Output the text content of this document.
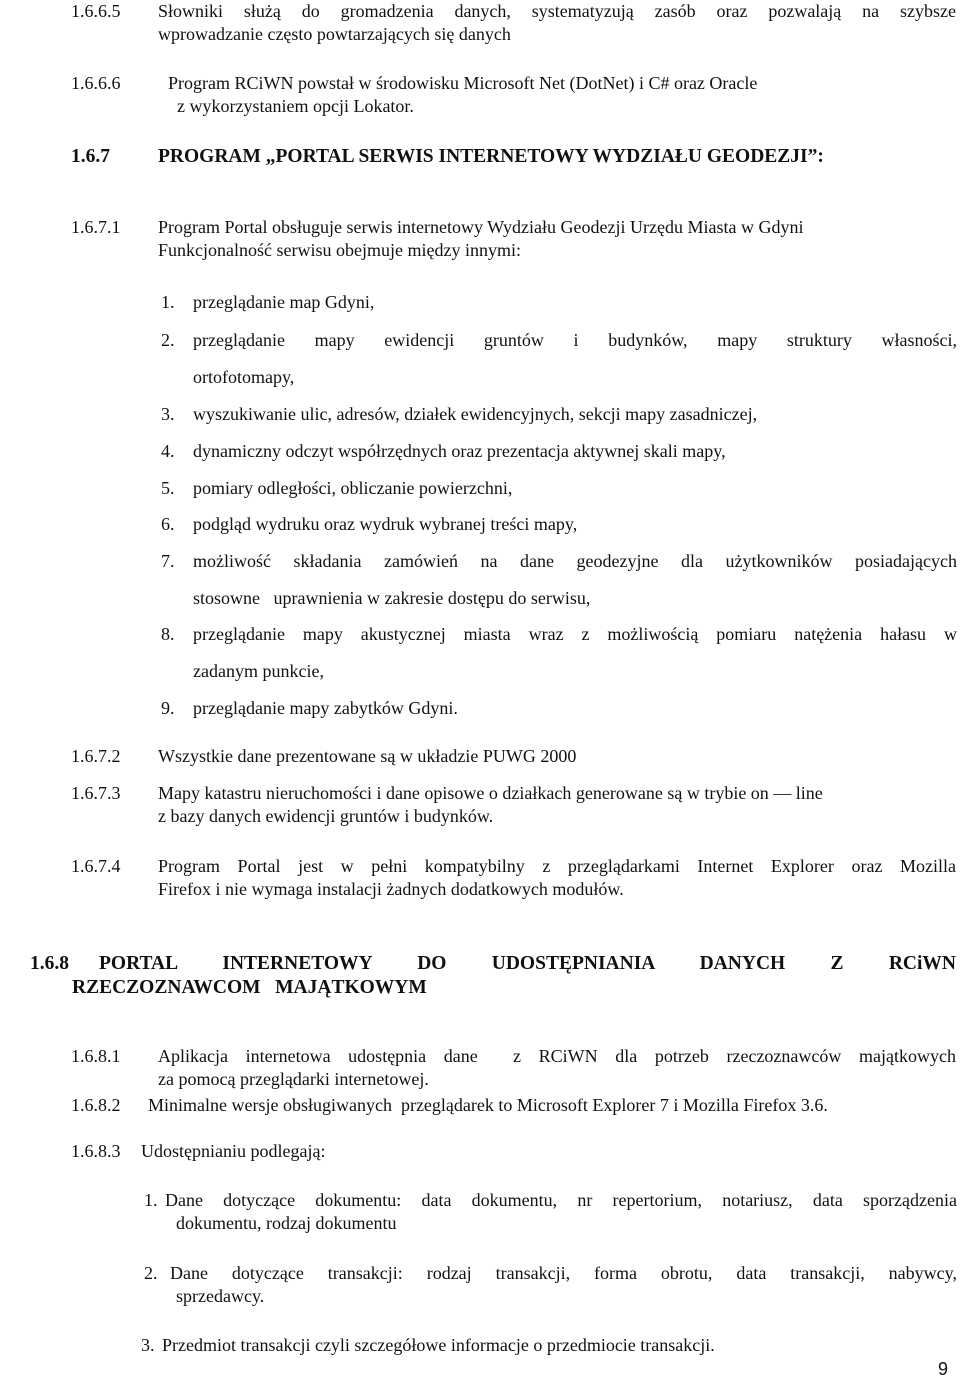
1.6.6.5 Słowniki służą do gromadzenia danych, systematyzują zasób oraz pozwalają na szybsze
wprowadzanie często powtarzających się danych
1.6.6.6	Program RCiWN powstał w środowisku Microsoft Net (DotNet) i C# oraz Oracle
z wykorzystaniem opcji Lokator.
1.6.7 PROGRAM „PORTAL SERWIS INTERNETOWY WYDZIAŁU GEODEZJI”:
1.6.7.1 Program Portal obsługuje serwis internetowy Wydziału Geodezji Urzędu Miasta w Gdyni
Funkcjonalność serwisu obejmuje między innymi:
1. przeglądanie map Gdyni,
2. przeglądanie mapy ewidencji gruntów i budynków, mapy struktury własności,
ortofotomapy,
3. wyszukiwanie ulic, adresów, działek ewidencyjnych, sekcji mapy zasadniczej,
4. dynamiczny odczyt współrzędnych oraz prezentacja aktywnej skali mapy,
5. pomiary odległości, obliczanie powierzchni,
6. podgląd wydruku oraz wydruk wybranej treści mapy,
7. możliwość składania zamówień na dane geodezyjne dla użytkowników posiadających
stosowne   uprawnienia w zakresie dostępu do serwisu,
8. przeglądanie mapy akustycznej miasta wraz z możliwością pomiaru natężenia hałasu w
zadanym punkcie,
9. przeglądanie mapy zabytków Gdyni.
1.6.7.2 Wszystkie dane prezentowane są w układzie PUWG 2000
1.6.7.3 Mapy katastru nieruchomości i dane opisowe o działkach generowane są w trybie on — line
z bazy danych ewidencji gruntów i budynków.
1.6.7.4 Program Portal jest w pełni kompatybilny z przeglądarkami Internet Explorer oraz Mozilla
Firefox i nie wymaga instalacji żadnych dodatkowych modułów.
1.6.8 PORTAL INTERNETOWY DO UDOSTĘPNIANIA DANYCH Z RCiWN
RZECZOZNAWCOM   MAJĄTKOWYM
1.6.8.1 Aplikacja internetowa udostępnia dane  z RCiWN dla potrzeb rzeczoznawców majątkowych
za pomocą przeglądarki internetowej.
1.6.8.2 Minimalne wersje obsługiwanych  przeglądarek to Microsoft Explorer 7 i Mozilla Firefox 3.6.
1.6.8.3 Udostępnianiu podlegają:
1. Dane dotyczące dokumentu: data dokumentu, nr repertorium, notariusz, data sporządzenia
dokumentu, rodzaj dokumentu
2. Dane dotyczące transakcji: rodzaj transakcji, forma obrotu, data transakcji, nabywcy,
sprzedawcy.
3. Przedmiot transakcji czyli szczegółowe informacje o przedmiocie transakcji.
9
